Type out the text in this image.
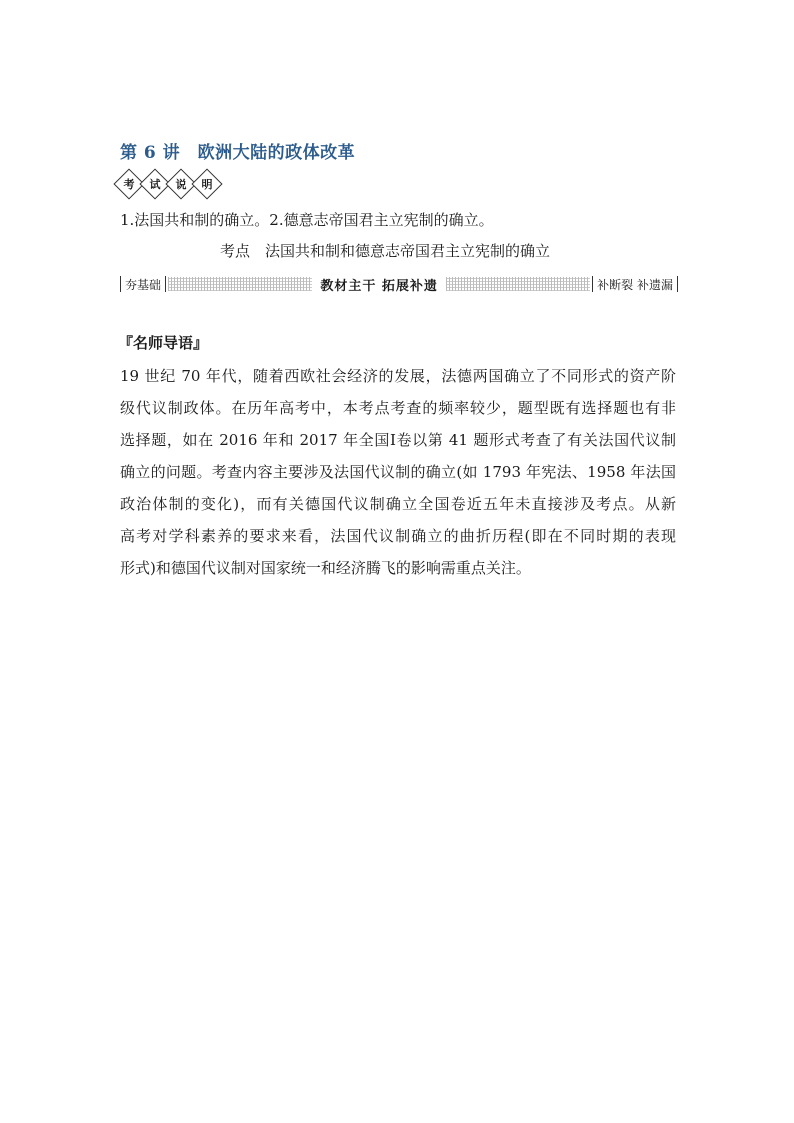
第 6 讲　欧洲大陆的政体改革
考 试 说 明
1.法国共和制的确立。2.德意志帝国君主立宪制的确立。
考点　法国共和制和德意志帝国君主立宪制的确立
夯基础	教材主干 拓展补遗	补断裂 补遗漏
『名师导语』
19 世纪 70 年代，随着西欧社会经济的发展，法德两国确立了不同形式的资产阶
级代议制政体。在历年高考中，本考点考查的频率较少，题型既有选择题也有非
选择题，如在 2016 年和 2017 年全国Ⅰ卷以第 41 题形式考查了有关法国代议制
确立的问题。考查内容主要涉及法国代议制的确立(如 1793 年宪法、1958 年法国
政治体制的变化)，而有关德国代议制确立全国卷近五年未直接涉及考点。从新
高考对学科素养的要求来看，法国代议制确立的曲折历程(即在不同时期的表现
形式)和德国代议制对国家统一和经济腾飞的影响需重点关注。
